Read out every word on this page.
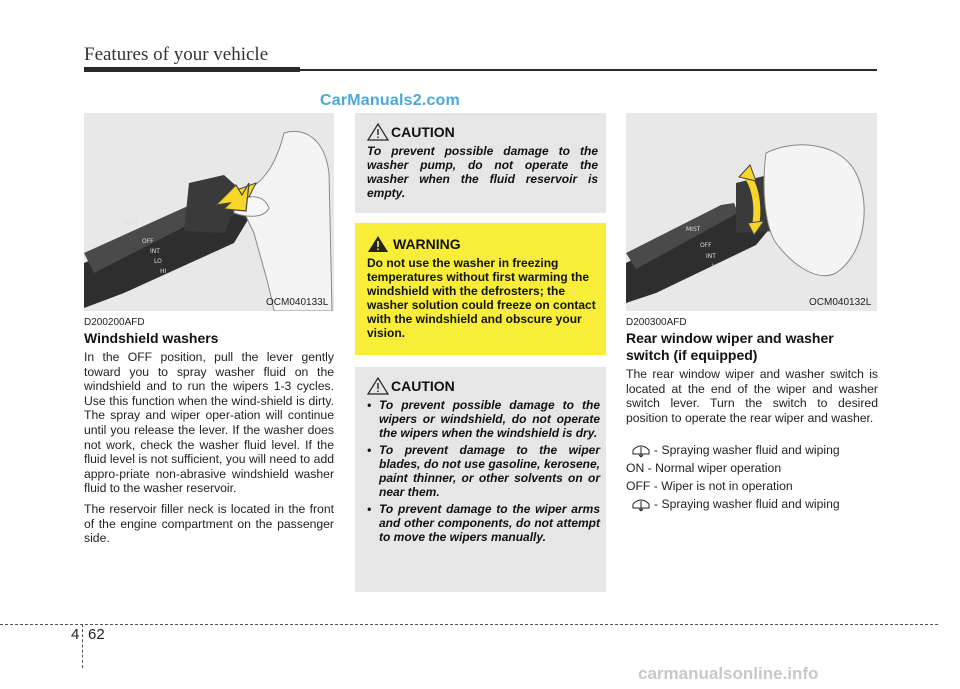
Features of your vehicle
CarManuals2.com
MIST
OFF
INT
LO
HI
OCM040133L
D200200AFD
Windshield washers

In the OFF position, pull the lever gently toward you to spray washer fluid on the windshield and to run the wipers 1-3 cycles. Use this function when the wind-shield is dirty. The spray and wiper oper-ation will continue until you release the lever. If the washer does not work, check the washer fluid level. If the fluid level is not sufficient, you will need to add appro-priate non-abrasive windshield washer fluid to the washer reservoir.

The reservoir filler neck is located in the front of the engine compartment on the passenger side.

CAUTION
To prevent possible damage to the washer pump, do not operate the washer when the fluid reservoir is empty.
WARNING
Do not use the washer in freezing temperatures without first warming the windshield with the defrosters; the washer solution could freeze on contact with the windshield and obscure your vision.
CAUTION
• To prevent possible damage to the wipers or windshield, do not operate the wipers when the windshield is dry.
• To prevent damage to the wiper blades, do not use gasoline, kerosene, paint thinner, or other solvents on or near them.
• To prevent damage to the wiper arms and other components, do not attempt to move the wipers manually.
MIST
OFF
INT
LO
OCM040132L
D200300AFD
Rear window wiper and washer
switch (if equipped)
The rear window wiper and washer switch is located at the end of the wiper and washer switch lever. Turn the switch to desired position to operate the rear wiper and washer.
- Spraying washer fluid and wiping
ON - Normal wiper operation
OFF - Wiper is not in operation
- Spraying washer fluid and wiping
4 62
carmanualsonline.info
